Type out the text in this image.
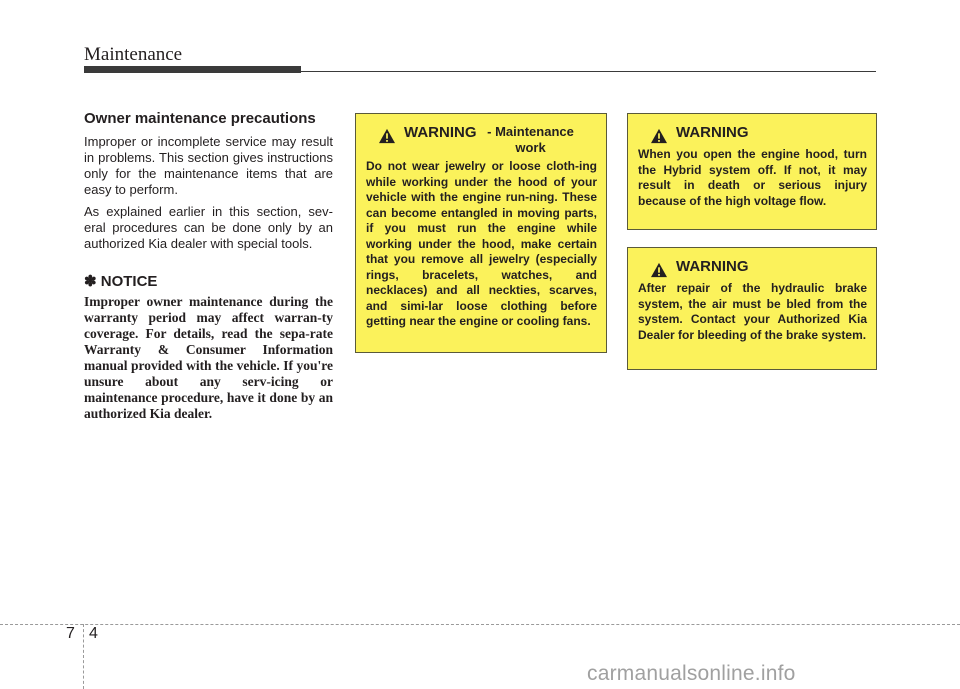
Maintenance
Owner maintenance precautions

Improper or incomplete service may result in problems. This section gives instructions only for the maintenance items that are easy to perform.

As explained earlier in this section, sev-eral procedures can be done only by an authorized Kia dealer with special tools.

✽ NOTICE
Improper owner maintenance during the warranty period may affect warran-ty coverage. For details, read the sepa-rate Warranty & Consumer Information manual provided with the vehicle. If you're unsure about any serv-icing or maintenance procedure, have it done by an authorized Kia dealer.
WARNING - Maintenance work
Do not wear jewelry or loose cloth-ing while working under the hood of your vehicle with the engine run-ning. These can become entangled in moving parts, if you must run the engine while working under the hood, make certain that you remove all jewelry (especially rings, bracelets, watches, and necklaces) and all neckties, scarves, and simi-lar loose clothing before getting near the engine or cooling fans.
WARNING
When you open the engine hood, turn the Hybrid system off. If not, it may result in death or serious injury because of the high voltage flow.
WARNING
After repair of the hydraulic brake system, the air must be bled from the system. Contact your Authorized Kia Dealer for bleeding of the brake system.
7 4
carmanualsonline.info
